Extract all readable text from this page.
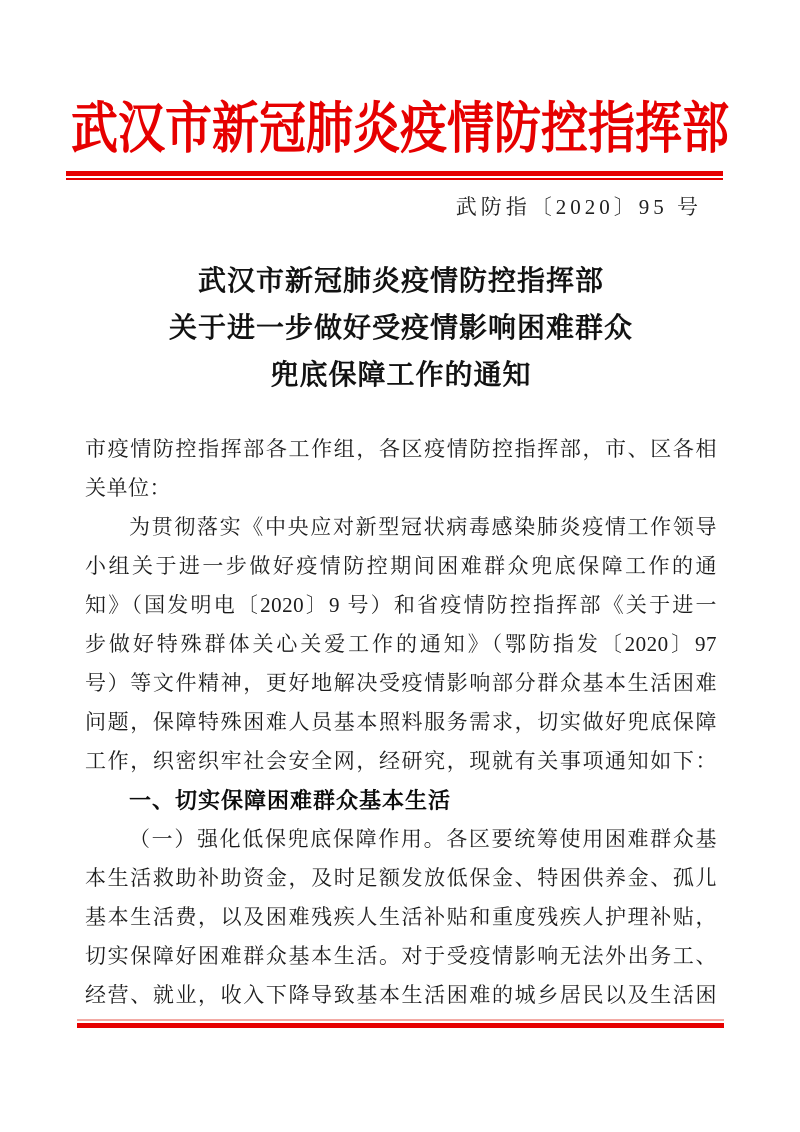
武汉市新冠肺炎疫情防控指挥部
武防指〔2020〕95 号
武汉市新冠肺炎疫情防控指挥部
关于进一步做好受疫情影响困难群众
兜底保障工作的通知
市疫情防控指挥部各工作组，各区疫情防控指挥部，市、区各相
关单位：
为贯彻落实《中央应对新型冠状病毒感染肺炎疫情工作领导
小组关于进一步做好疫情防控期间困难群众兜底保障工作的通
知》（国发明电〔2020〕9 号）和省疫情防控指挥部《关于进一
步做好特殊群体关心关爱工作的通知》（鄂防指发〔2020〕97
号）等文件精神，更好地解决受疫情影响部分群众基本生活困难
问题，保障特殊困难人员基本照料服务需求，切实做好兜底保障
工作，织密织牢社会安全网，经研究，现就有关事项通知如下：
一、切实保障困难群众基本生活
（一）强化低保兜底保障作用。各区要统筹使用困难群众基
本生活救助补助资金，及时足额发放低保金、特困供养金、孤儿
基本生活费，以及困难残疾人生活补贴和重度残疾人护理补贴，
切实保障好困难群众基本生活。对于受疫情影响无法外出务工、
经营、就业，收入下降导致基本生活困难的城乡居民以及生活困
